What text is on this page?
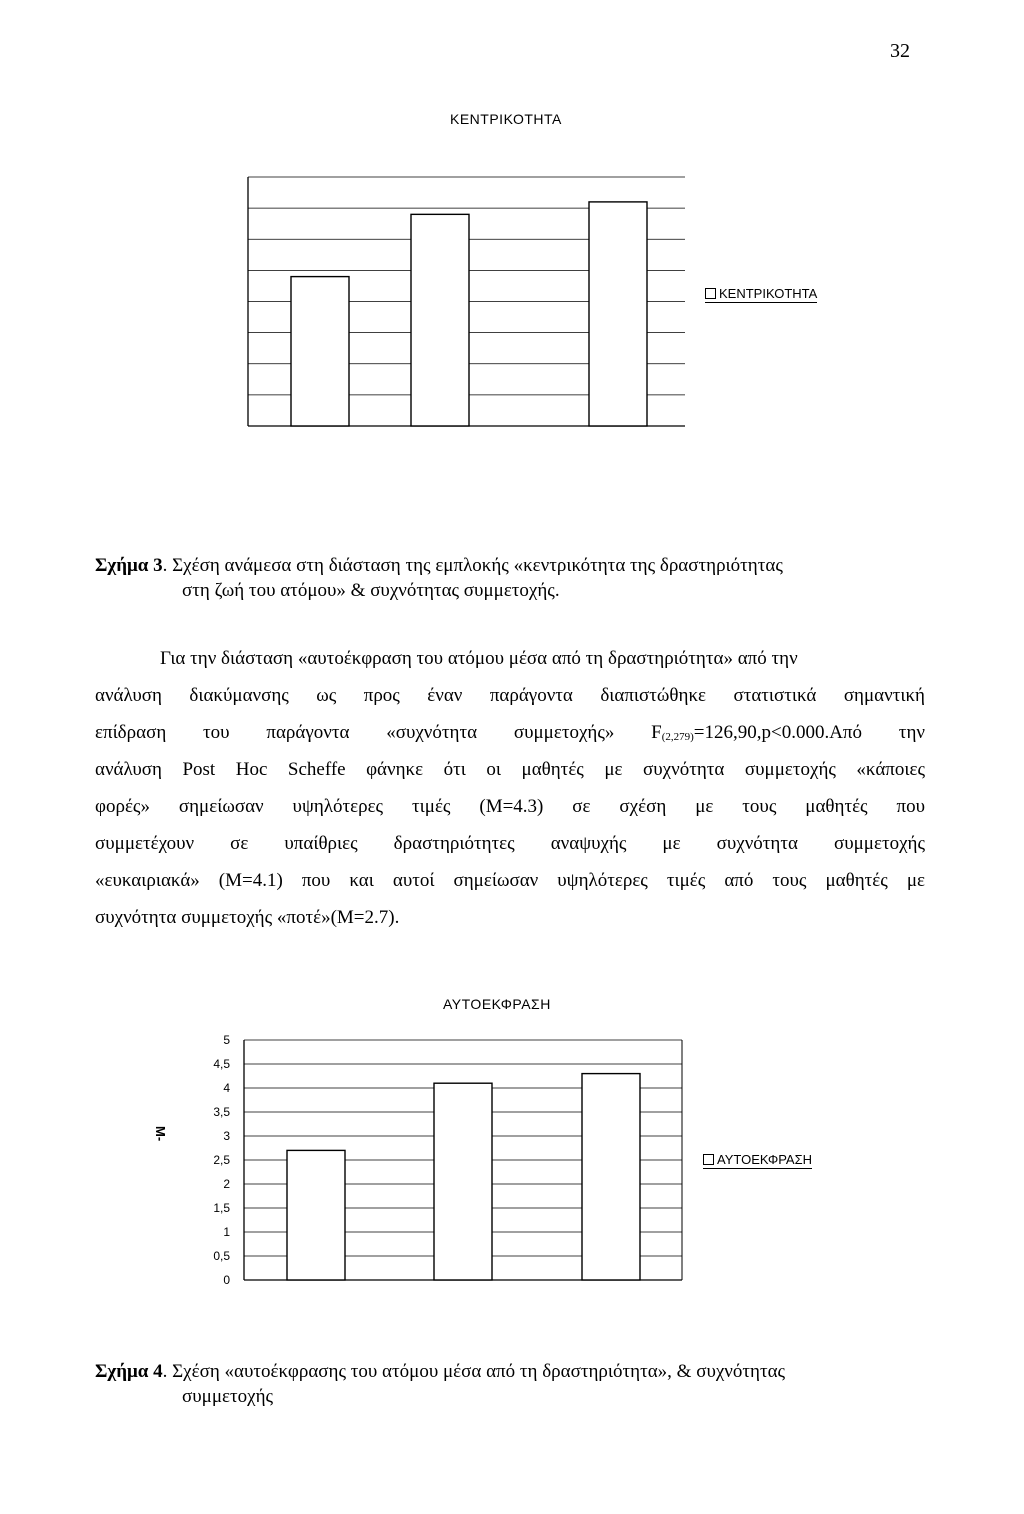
32
ΚΕΝΤΡΙΚΟΤΗΤΑ
ΚΕΝΤΡΙΚΟΤΗΤΑ
Σχήμα 3. Σχέση ανάμεσα στη διάσταση της εμπλοκής «κεντρικότητα της δραστηριότητας
στη ζωή του ατόμου» & συχνότητας συμμετοχής.
Για την διάσταση «αυτοέκφραση του ατόμου μέσα από τη δραστηριότητα» από την
ανάλυση διακύμανσης ως προς έναν παράγοντα διαπιστώθηκε στατιστικά σημαντική
επίδραση του παράγοντα «συχνότητα συμμετοχής» $F_{(2,279)}=126,90,p<0.000.A\pi ό$ την
ανάλυση Post Hoc Scheffe φάνηκε ότι οι μαθητές με συχνότητα συμμετοχής «κάποιες
φορές» σημείωσαν υψηλότερες τιμές (Μ=4.3) σε σχέση με τους μαθητές που
συμμετέχουν σε υπαίθριες δραστηριότητες αναψυχής με συχνότητα συμμετοχής
«ευκαιριακά» (Μ=4.1) που και αυτοί σημείωσαν υψηλότερες τιμές από τους μαθητές με
συχνότητα συμμετοχής «ποτέ»(Μ=2.7).
ΑΥΤΟΕΚΦΡΑΣΗ
Μ-
0
0,5
1
1,5
2
2,5
3
3,5
4
4,5
5
ΑΥΤΟΕΚΦΡΑΣΗ
Σχήμα 4. Σχέση «αυτοέκφρασης του ατόμου μέσα από τη δραστηριότητα», & συχνότητας
συμμετοχής
